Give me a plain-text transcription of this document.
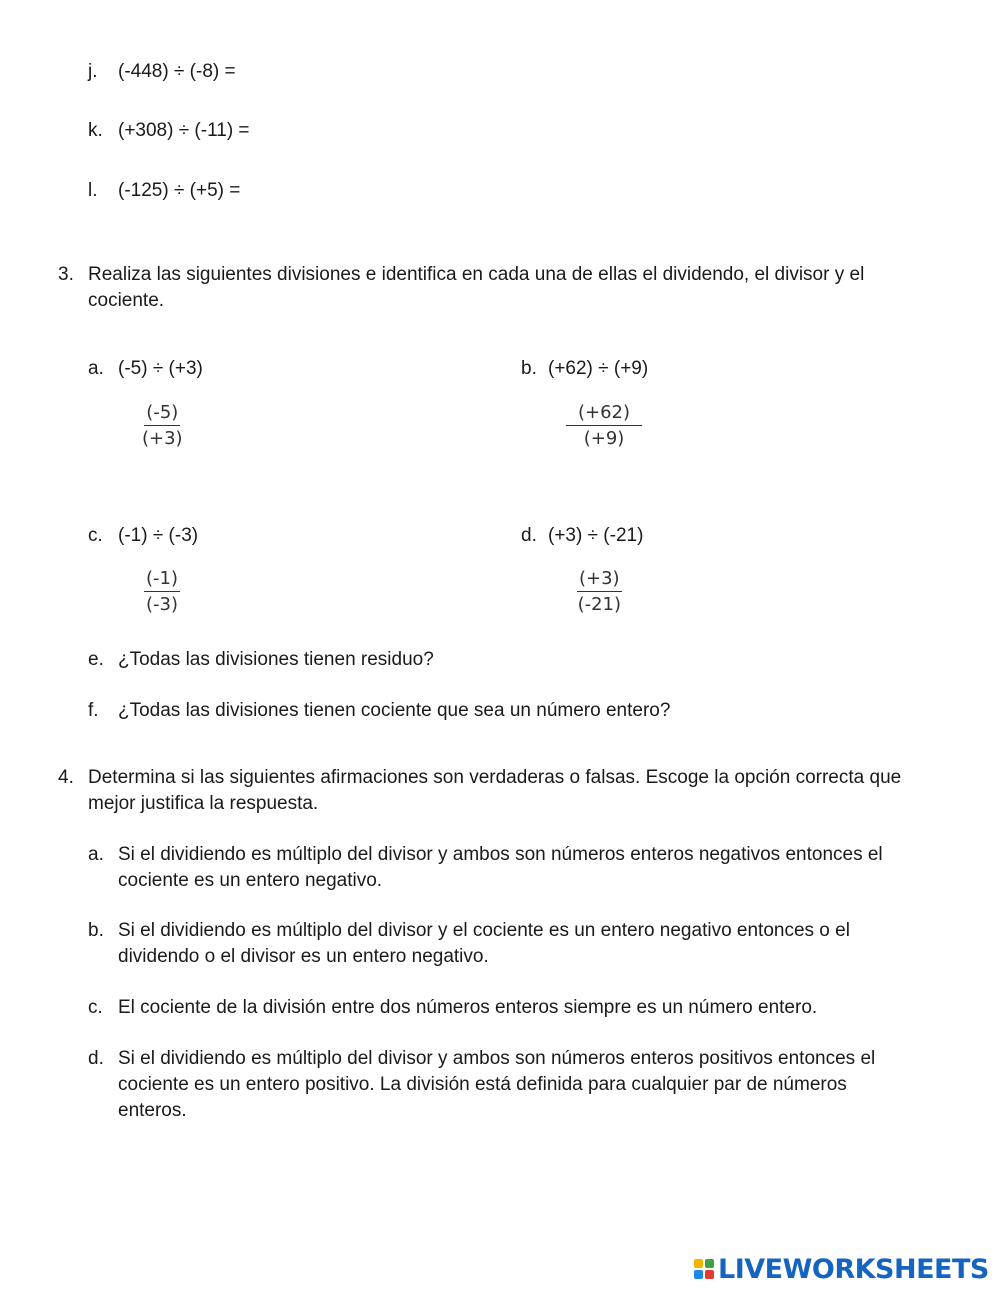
j. (-448) ÷ (-8) =
k. (+308) ÷ (-11) =
l. (-125) ÷ (+5) =
3. Realiza las siguientes divisiones e identifica en cada una de ellas el dividendo, el divisor y el cociente.
a. (-5) ÷ (+3)
$\frac{(-5)}{(+3)}$
b. (+62) ÷ (+9)
$\frac{(+62)}{(+9)}$
c. (-1) ÷ (-3)
$\frac{(-1)}{(-3)}$
d. (+3) ÷ (-21)
$\frac{(+3)}{(-21)}$
e. ¿Todas las divisiones tienen residuo?
f. ¿Todas las divisiones tienen cociente que sea un número entero?
4. Determina si las siguientes afirmaciones son verdaderas o falsas. Escoge la opción correcta que mejor justifica la respuesta.
a. Si el dividiendo es múltiplo del divisor y ambos son números enteros negativos entonces el cociente es un entero negativo.
b. Si el dividiendo es múltiplo del divisor y el cociente es un entero negativo entonces o el dividendo o el divisor es un entero negativo.
c. El cociente de la división entre dos números enteros siempre es un número entero.
d. Si el dividiendo es múltiplo del divisor y ambos son números enteros positivos entonces el cociente es un entero positivo. La división está definida para cualquier par de números enteros.
LIVEWORKSHEETS
